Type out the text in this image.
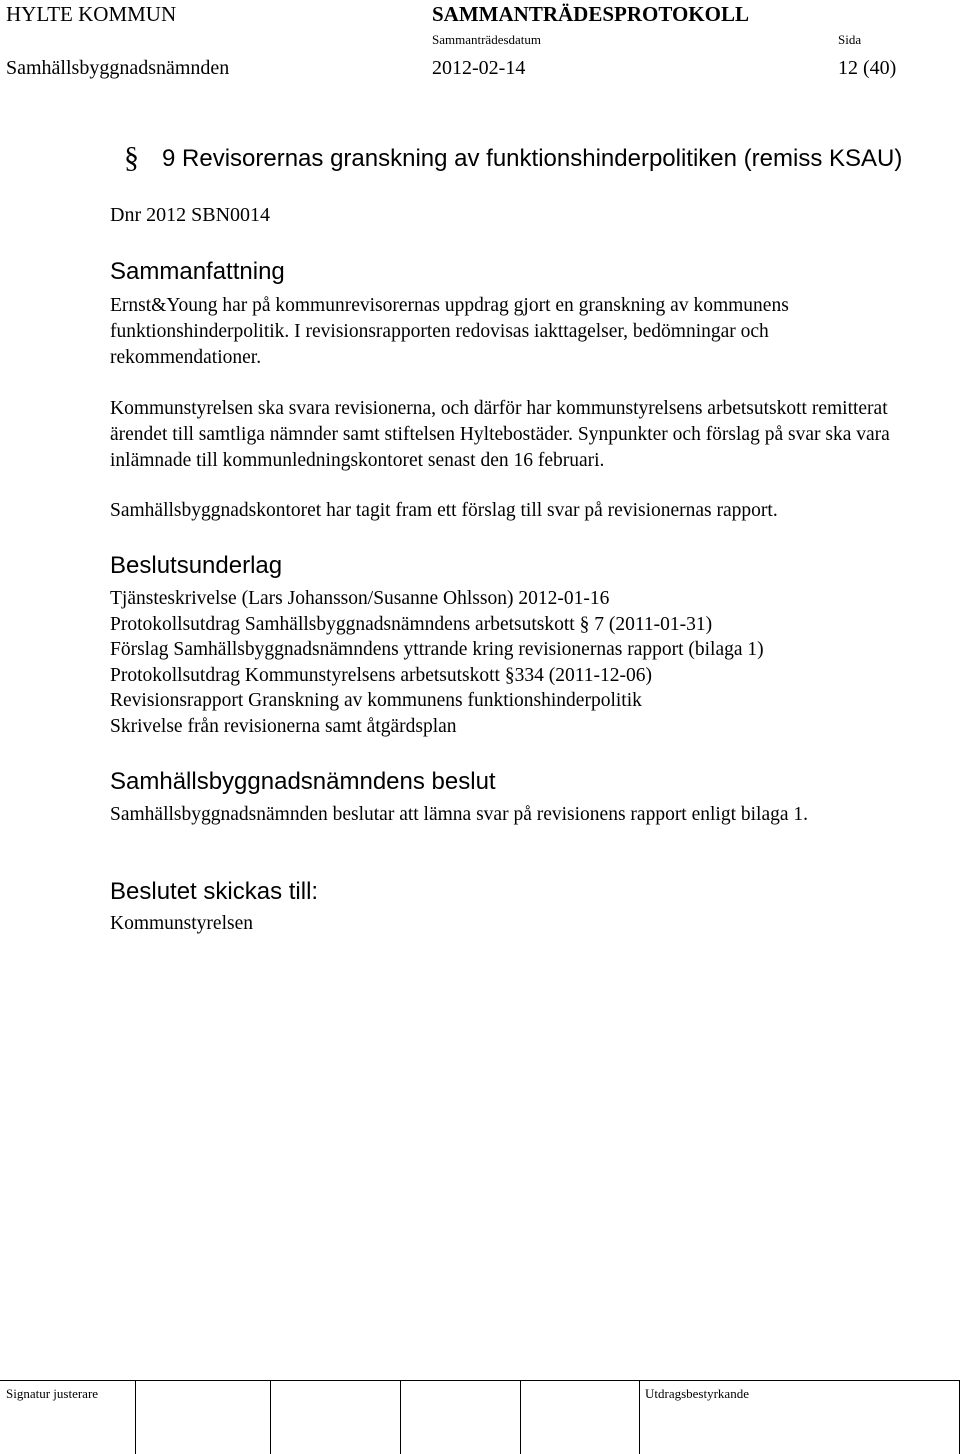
HYLTE KOMMUN	SAMMANTRÄDESPROTOKOLL
Sammanträdesdatum	Sida
Samhällsbyggnadsnämnden	2012-02-14	12 (40)
§ 9 Revisorernas granskning av funktionshinderpolitiken (remiss KSAU)
Dnr 2012 SBN0014
Sammanfattning
Ernst&Young har på kommunrevisorernas uppdrag gjort en granskning av kommunens funktionshinderpolitik. I revisionsrapporten redovisas iakttagelser, bedömningar och rekommendationer.
Kommunstyrelsen ska svara revisionerna, och därför har kommunstyrelsens arbetsutskott remitterat ärendet till samtliga nämnder samt stiftelsen Hyltebostäder. Synpunkter och förslag på svar ska vara inlämnade till kommunledningskontoret senast den 16 februari.
Samhällsbyggnadskontoret har tagit fram ett förslag till svar på revisionernas rapport.
Beslutsunderlag
Tjänsteskrivelse (Lars Johansson/Susanne Ohlsson) 2012-01-16
Protokollsutdrag Samhällsbyggnadsnämndens arbetsutskott § 7 (2011-01-31)
Förslag Samhällsbyggnadsnämndens yttrande kring revisionernas rapport (bilaga 1)
Protokollsutdrag Kommunstyrelsens arbetsutskott §334 (2011-12-06)
Revisionsrapport Granskning av kommunens funktionshinderpolitik
Skrivelse från revisionerna samt åtgärdsplan
Samhällsbyggnadsnämndens beslut
Samhällsbyggnadsnämnden beslutar att lämna svar på revisionens rapport enligt bilaga 1.
Beslutet skickas till:
Kommunstyrelsen
Signatur justerare	Utdragsbestyrkande
